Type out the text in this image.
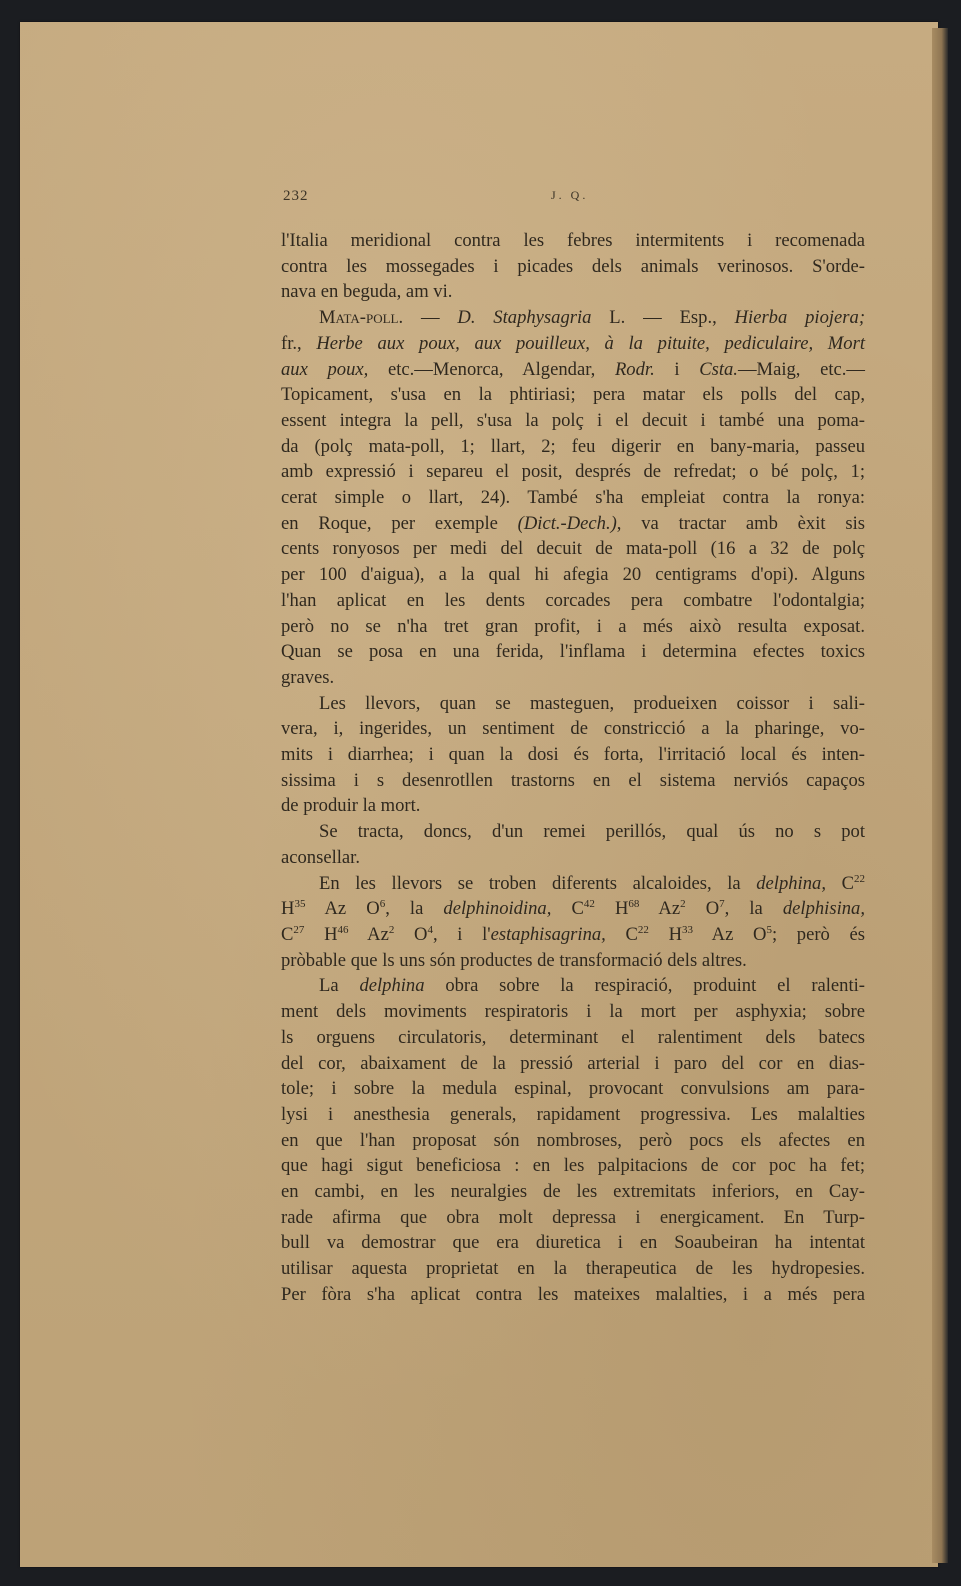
232	J. Q.
l'Italia meridional contra les febres intermitents i recomenada
contra les mossegades i picades dels animals verinosos. S'orde-
nava en beguda, am vi.
Mata-poll. — D. Staphysagria L. — Esp., Hierba piojera;
fr., Herbe aux poux, aux pouilleux, à la pituite, pediculaire, Mort
aux poux, etc.—Menorca, Algendar, Rodr. i Csta.—Maig, etc.—
Topicament, s'usa en la phtiriasi; pera matar els polls del cap,
essent integra la pell, s'usa la polç i el decuit i també una poma-
da (polç mata-poll, 1; llart, 2; feu digerir en bany-maria, passeu
amb expressió i separeu el posit, després de refredat; o bé polç, 1;
cerat simple o llart, 24). També s'ha empleiat contra la ronya:
en Roque, per exemple (Dict.-Dech.), va tractar amb èxit sis
cents ronyosos per medi del decuit de mata-poll (16 a 32 de polç
per 100 d'aigua), a la qual hi afegia 20 centigrams d'opi). Alguns
l'han aplicat en les dents corcades pera combatre l'odontalgia;
però no se n'ha tret gran profit, i a més això resulta exposat.
Quan se posa en una ferida, l'inflama i determina efectes toxics
graves.
Les llevors, quan se masteguen, produeixen coissor i sali-
vera, i, ingerides, un sentiment de constricció a la pharinge, vo-
mits i diarrhea; i quan la dosi és forta, l'irritació local és inten-
sissima i s desenrotllen trastorns en el sistema nerviós capaços
de produir la mort.
Se tracta, doncs, d'un remei perillós, qual ús no s pot
aconsellar.
En les llevors se troben diferents alcaloides, la delphina, $C^{22}$
$H^{35}$ Az $O^6$, la delphinoidina, $C^{42}$ $H^{68}$ Az$^2$ $O^7$, la delphisina,
$C^{27}$ $H^{46}$ Az$^2$ $O^4$, i l'estaphisagrina, $C^{22}$ $H^{33}$ Az $O^5$; però és
pròbable que ls uns són productes de transformació dels altres.
La delphina obra sobre la respiració, produint el ralenti-
ment dels moviments respiratoris i la mort per asphyxia; sobre
ls orguens circulatoris, determinant el ralentiment dels batecs
del cor, abaixament de la pressió arterial i paro del cor en dias-
tole; i sobre la medula espinal, provocant convulsions am para-
lysi i anesthesia generals, rapidament progressiva. Les malalties
en que l'han proposat són nombroses, però pocs els afectes en
que hagi sigut beneficiosa : en les palpitacions de cor poc ha fet;
en cambi, en les neuralgies de les extremitats inferiors, en Cay-
rade afirma que obra molt depressa i energicament. En Turp-
bull va demostrar que era diuretica i en Soaubeiran ha intentat
utilisar aquesta proprietat en la therapeutica de les hydropesies.
Per fòra s'ha aplicat contra les mateixes malalties, i a més pera
